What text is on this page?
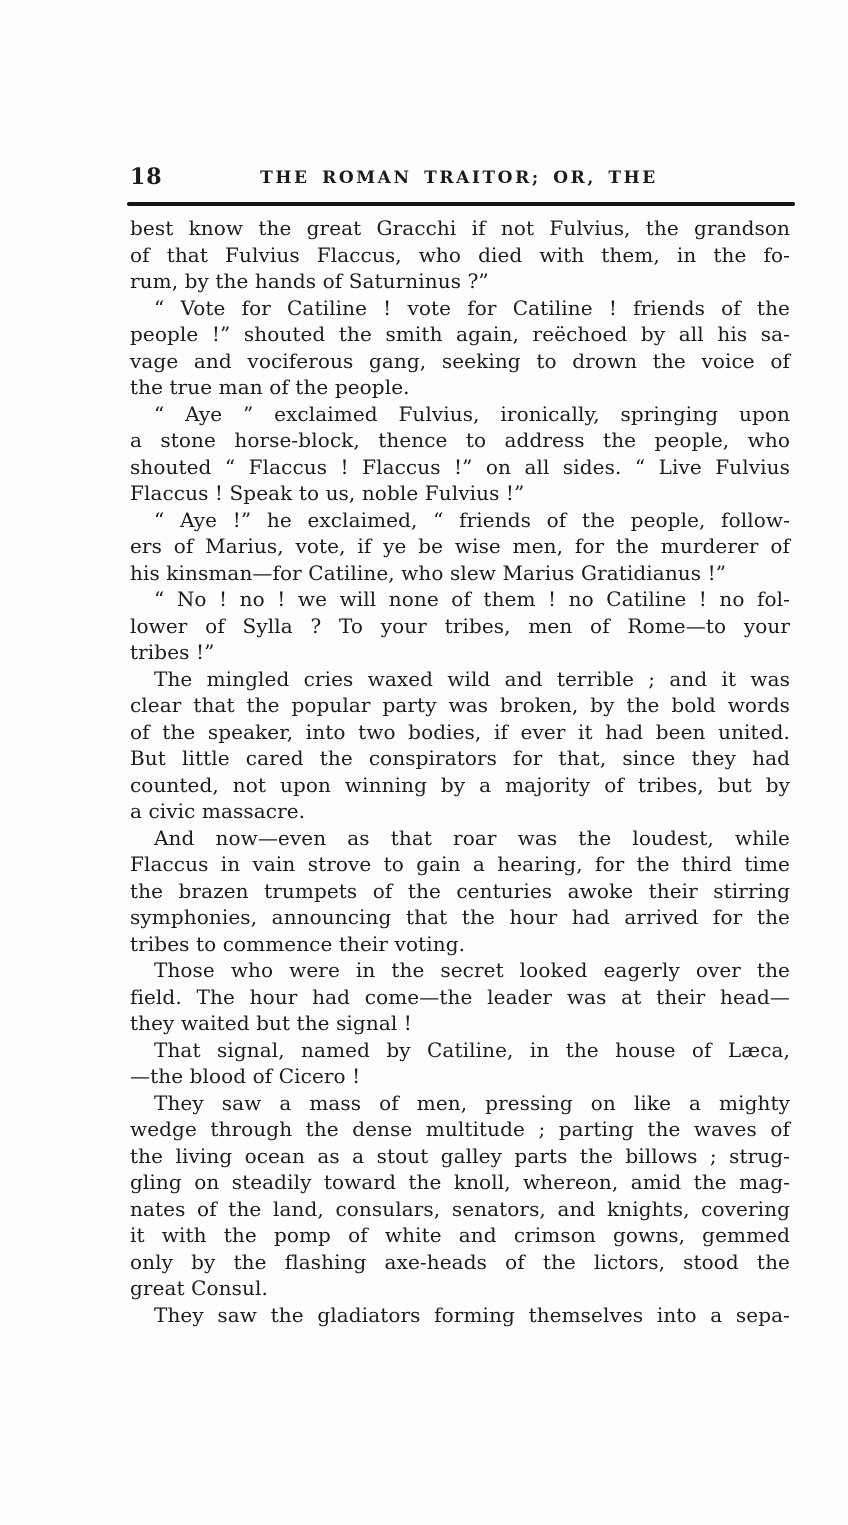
18	THE ROMAN TRAITOR; OR, THE
best know the great Gracchi if not Fulvius, the grandson
of that Fulvius Flaccus, who died with them, in the fo-
rum, by the hands of Saturninus ?”
“ Vote for Catiline ! vote for Catiline ! friends of the
people !” shouted the smith again, reëchoed by all his sa-
vage and vociferous gang, seeking to drown the voice of
the true man of the people.
“ Aye ” exclaimed Fulvius, ironically, springing upon
a stone horse-block, thence to address the people, who
shouted “ Flaccus ! Flaccus !” on all sides. “ Live Fulvius
Flaccus ! Speak to us, noble Fulvius !”
“ Aye !” he exclaimed, “ friends of the people, follow-
ers of Marius, vote, if ye be wise men, for the murderer of
his kinsman—for Catiline, who slew Marius Gratidianus !”
“ No ! no ! we will none of them ! no Catiline ! no fol-
lower of Sylla ? To your tribes, men of Rome—to your
tribes !”
The mingled cries waxed wild and terrible ; and it was
clear that the popular party was broken, by the bold words
of the speaker, into two bodies, if ever it had been united.
But little cared the conspirators for that, since they had
counted, not upon winning by a majority of tribes, but by
a civic massacre.
And now—even as that roar was the loudest, while
Flaccus in vain strove to gain a hearing, for the third time
the brazen trumpets of the centuries awoke their stirring
symphonies, announcing that the hour had arrived for the
tribes to commence their voting.
Those who were in the secret looked eagerly over the
field. The hour had come—the leader was at their head—
they waited but the signal !
That signal, named by Catiline, in the house of Læca,
—the blood of Cicero !
They saw a mass of men, pressing on like a mighty
wedge through the dense multitude ; parting the waves of
the living ocean as a stout galley parts the billows ; strug-
gling on steadily toward the knoll, whereon, amid the mag-
nates of the land, consulars, senators, and knights, covering
it with the pomp of white and crimson gowns, gemmed
only by the flashing axe-heads of the lictors, stood the
great Consul.
They saw the gladiators forming themselves into a sepa-
